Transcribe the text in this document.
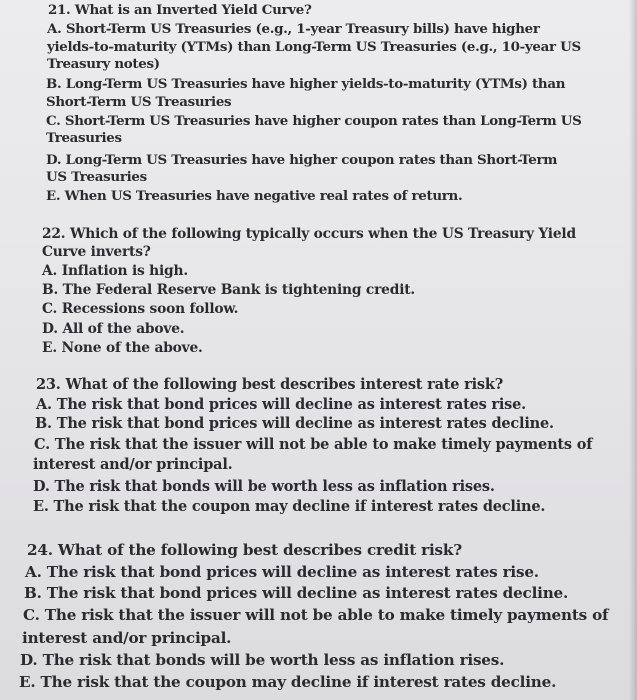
21. What is an Inverted Yield Curve?
A. Short-Term US Treasuries (e.g., 1-year Treasury bills) have higher
yields-to-maturity (YTMs) than Long-Term US Treasuries (e.g., 10-year US
Treasury notes)
B. Long-Term US Treasuries have higher yields-to-maturity (YTMs) than
Short-Term US Treasuries
C. Short-Term US Treasuries have higher coupon rates than Long-Term US
Treasuries
D. Long-Term US Treasuries have higher coupon rates than Short-Term
US Treasuries
E. When US Treasuries have negative real rates of return.
22. Which of the following typically occurs when the US Treasury Yield
Curve inverts?
A. Inflation is high.
B. The Federal Reserve Bank is tightening credit.
C. Recessions soon follow.
D. All of the above.
E. None of the above.
23. What of the following best describes interest rate risk?
A. The risk that bond prices will decline as interest rates rise.
B. The risk that bond prices will decline as interest rates decline.
C. The risk that the issuer will not be able to make timely payments of
interest and/or principal.
D. The risk that bonds will be worth less as inflation rises.
E. The risk that the coupon may decline if interest rates decline.
24. What of the following best describes credit risk?
A. The risk that bond prices will decline as interest rates rise.
B. The risk that bond prices will decline as interest rates decline.
C. The risk that the issuer will not be able to make timely payments of
interest and/or principal.
D. The risk that bonds will be worth less as inflation rises.
E. The risk that the coupon may decline if interest rates decline.
